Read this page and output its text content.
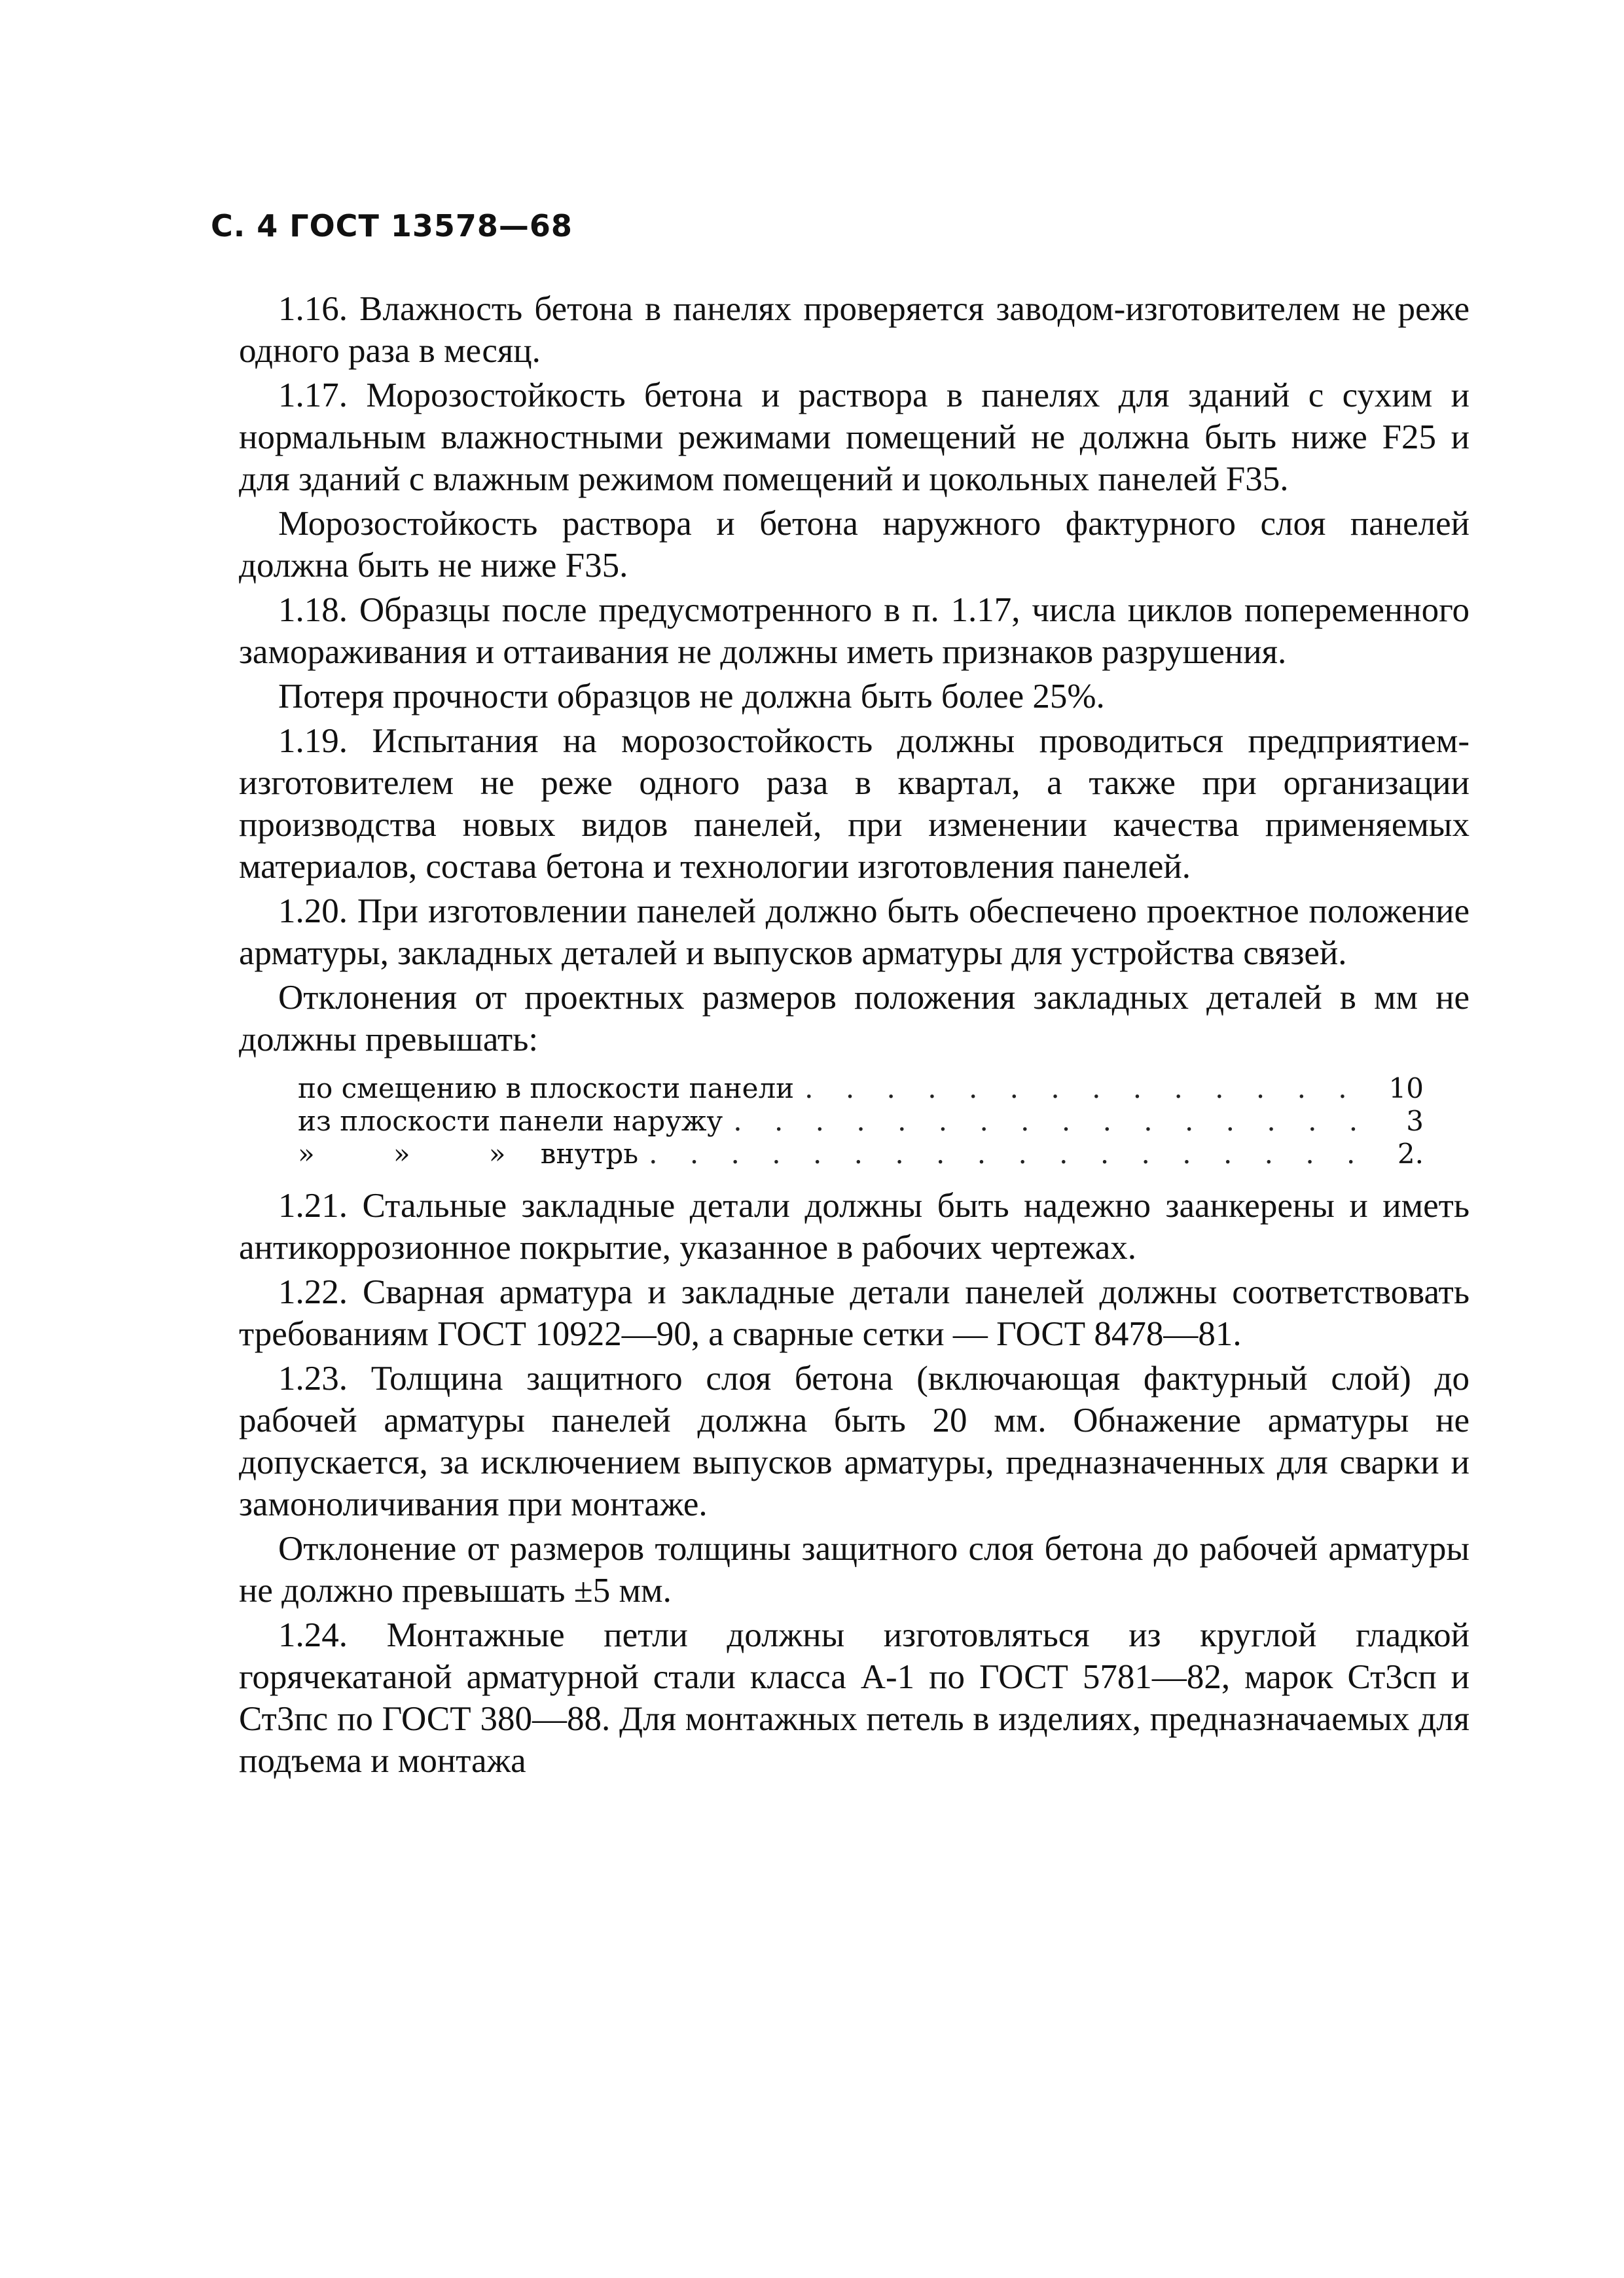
С. 4 ГОСТ 13578—68

1.16. Влажность бетона в панелях проверяется заводом-изготовителем не реже одного раза в месяц.

1.17. Морозостойкость бетона и раствора в панелях для зданий с сухим и нормальным влажностными режимами помещений не должна быть ниже F25 и для зданий с влажным режимом помещений и цокольных панелей F35.

Морозостойкость раствора и бетона наружного фактурного слоя панелей должна быть не ниже F35.

1.18. Образцы после предусмотренного в п. 1.17, числа циклов попеременного замораживания и оттаивания не должны иметь признаков разрушения.

Потеря прочности образцов не должна быть более 25%.

1.19. Испытания на морозостойкость должны проводиться предприятием-изготовителем не реже одного раза в квартал, а также при организации производства новых видов панелей, при изменении качества применяемых материалов, состава бетона и технологии изготовления панелей.

1.20. При изготовлении панелей должно быть обеспечено проектное положение арматуры, закладных деталей и выпусков арматуры для устройства связей.

Отклонения от проектных размеров положения закладных деталей в мм не должны превышать:

по смещению в плоскости панели . . .	10
из плоскости панели наружу . . .	3
»         »         »    внутрь . . .	2.

1.21. Стальные закладные детали должны быть надежно заанкерены и иметь антикоррозионное покрытие, указанное в рабочих чертежах.

1.22. Сварная арматура и закладные детали панелей должны соответствовать требованиям ГОСТ 10922—90, а сварные сетки — ГОСТ 8478—81.

1.23. Толщина защитного слоя бетона (включающая фактурный слой) до рабочей арматуры панелей должна быть 20 мм. Обнажение арматуры не допускается, за исключением выпусков арматуры, предназначенных для сварки и замоноличивания при монтаже.

Отклонение от размеров толщины защитного слоя бетона до рабочей арматуры не должно превышать ±5 мм.

1.24. Монтажные петли должны изготовляться из круглой гладкой горячекатаной арматурной стали класса А-1 по ГОСТ 5781—82, марок Ст3сп и Ст3пс по ГОСТ 380—88. Для монтажных петель в изделиях, предназначаемых для подъема и монтажа
